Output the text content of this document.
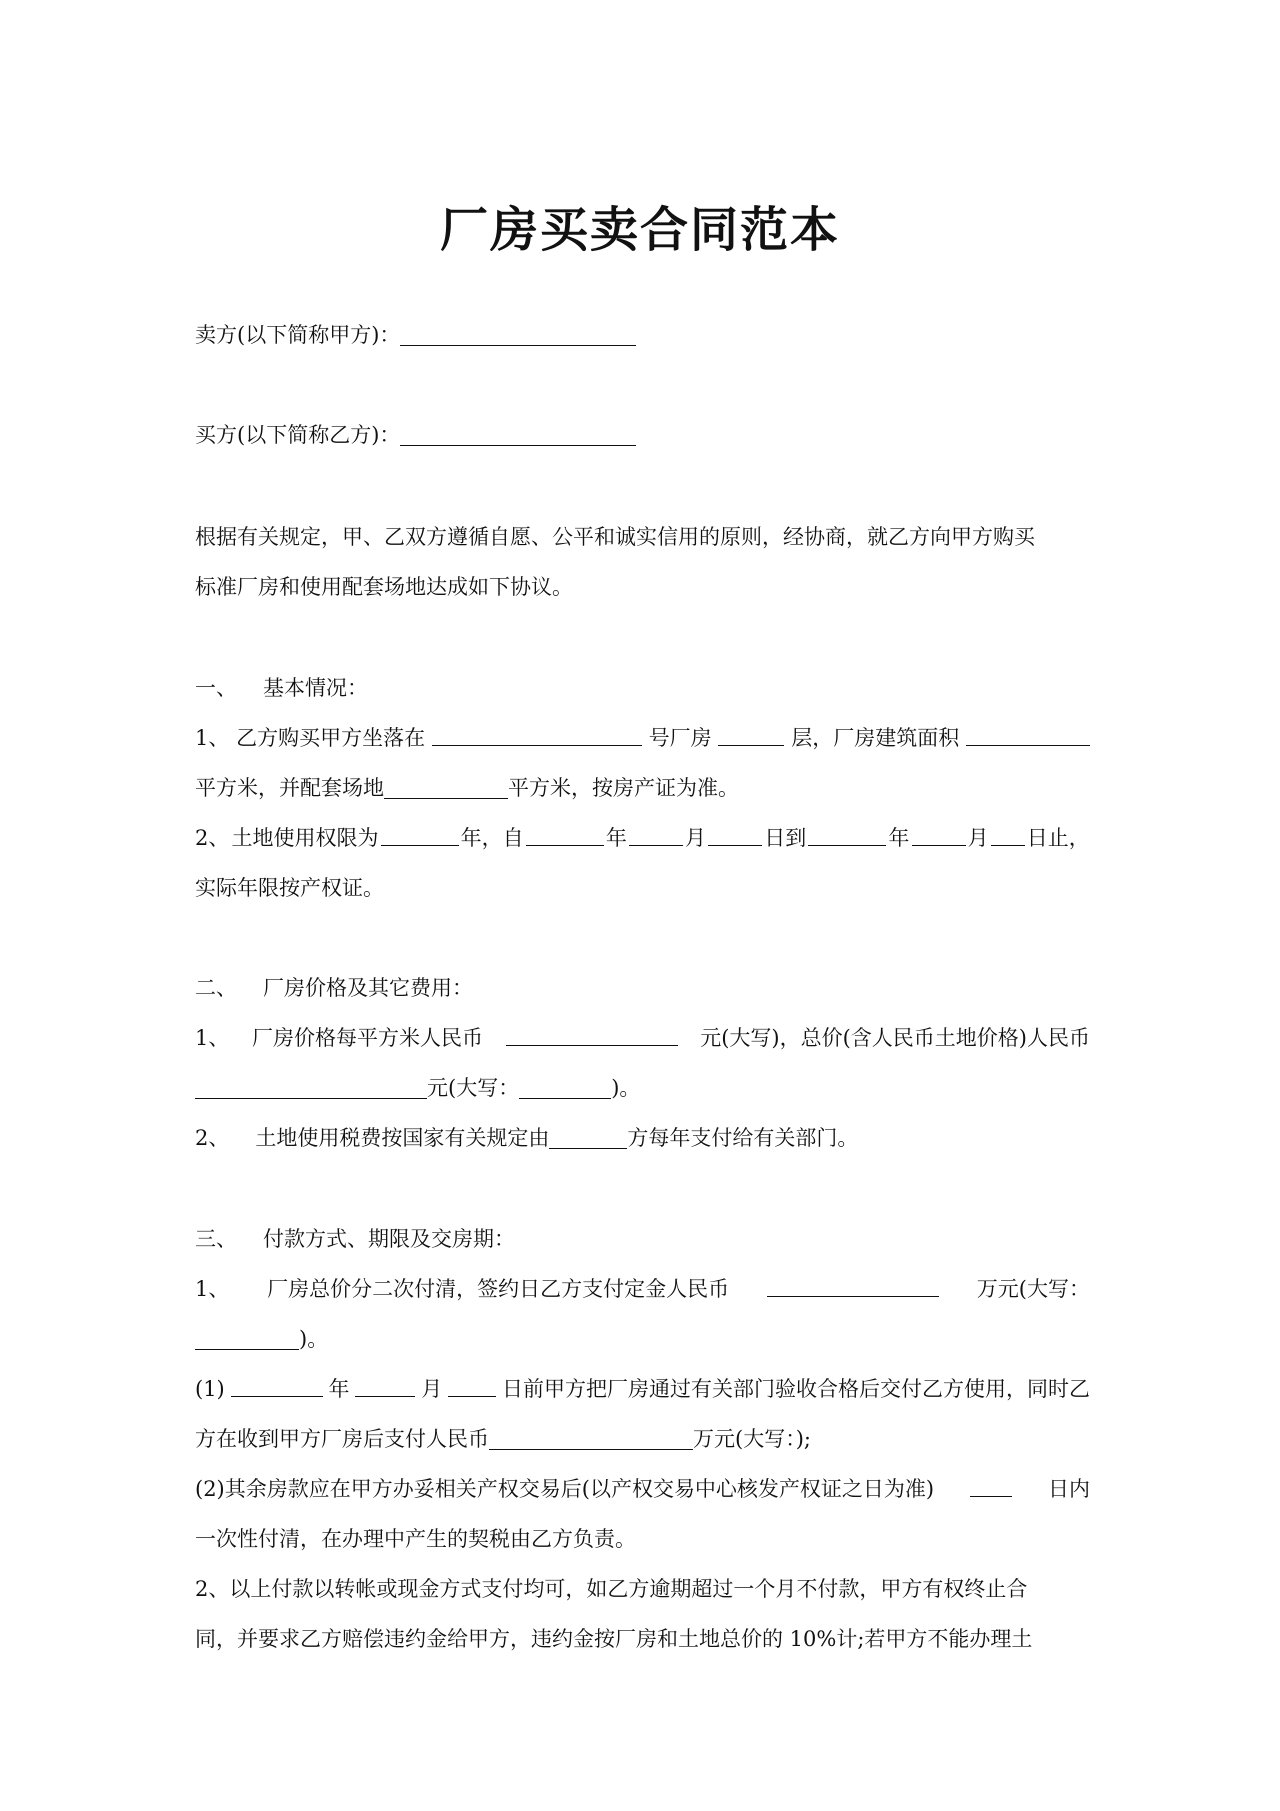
厂房买卖合同范本
卖方(以下简称甲方)：
买方(以下简称乙方)：
根据有关规定，甲、乙双方遵循自愿、公平和诚实信用的原则，经协商，就乙方向甲方购买
标准厂房和使用配套场地达成如下协议。
一、 基本情况：
1、 乙方购买甲方坐落在	号厂房	层，厂房建筑面积
平方米，并配套场地	平方米，按房产证为准。
2、 土地使用权限为	年，自	年	月	日到	年	月 日止，
实际年限按产权证。
二、 厂房价格及其它费用：
1、 厂房价格每平方米人民币	元(大写)，总价(含人民币土地价格)人民币
元(大写：	)。
2、 土地使用税费按国家有关规定由	方每年支付给有关部门。
三、 付款方式、期限及交房期：
1、 厂房总价分二次付清，签约日乙方支付定金人民币	万元(大写：
)。
(1)	年	月	日前甲方把厂房通过有关部门验收合格后交付乙方使用，同时乙
方在收到甲方厂房后支付人民币	万元(大写：);
(2)其余房款应在甲方办妥相关产权交易后(以产权交易中心核发产权证之日为准)	日内
一次性付清，在办理中产生的契税由乙方负责。
2、以上付款以转帐或现金方式支付均可，如乙方逾期超过一个月不付款，甲方有权终止合
同，并要求乙方赔偿违约金给甲方，违约金按厂房和土地总价的 10%计;若甲方不能办理土
